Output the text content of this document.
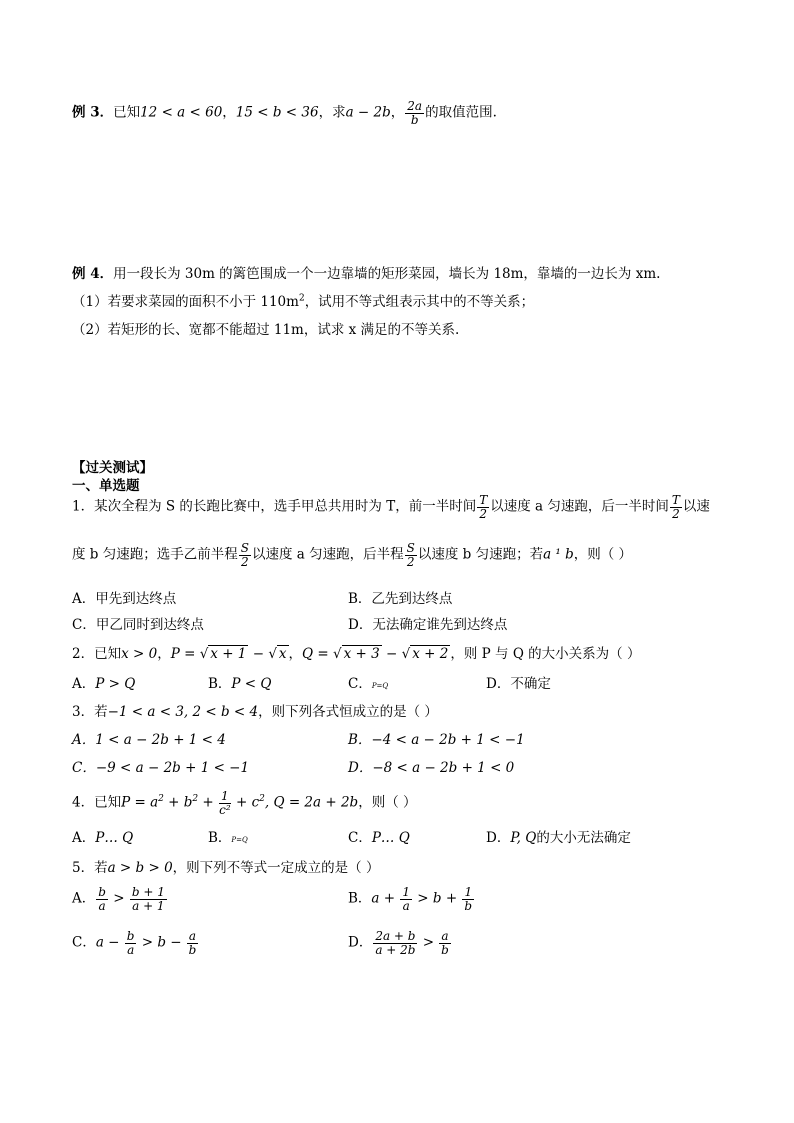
例 3．已知12 < a < 60，15 < b < 36，求a − 2b， $\frac{2a}{b}$ 的取值范围.
例 4．用一段长为 30m 的篱笆围成一个一边靠墙的矩形菜园，墙长为 18m，靠墙的一边长为 xm.
（1）若要求菜园的面积不小于 $110m^2$，试用不等式组表示其中的不等关系；
（2）若矩形的长、宽都不能超过 11m，试求 x 满足的不等关系.
【过关测试】
一、单选题
1．某次全程为 S 的长跑比赛中，选手甲总共用时为 T，前一半时间 $\frac{T}{2}$ 以速度 a 匀速跑，后一半时间 $\frac{T}{2}$ 以速
度 b 匀速跑；选手乙前半程 $\frac{S}{2}$ 以速度 a 匀速跑，后半程 $\frac{S}{2}$ 以速度 b 匀速跑；若a ¹ b，则（ ）
A．甲先到达终点	B．乙先到达终点
C．甲乙同时到达终点	D．无法确定谁先到达终点
2．已知x > 0，P = √ x + 1 − √ x ，Q = √ x + 3 − √ x + 2 ，则 P 与 Q 的大小关系为（ ）
A．P > Q	B．P < Q	C．P=Q	D．不确定
3．若−1 < a < 3, 2 < b < 4，则下列各式恒成立的是（ ）
A．1 < a − 2b + 1 < 4	B．−4 < a − 2b + 1 < −1
C．−9 < a − 2b + 1 < −1	D．−8 < a − 2b + 1 < 0
4．已知$P = a^2 + b^2 + \frac{1}{\text{c²}} + c^2$, Q = 2a + 2b，则（ ）
A．P… Q	B．P=Q	C．P… Q	D．P, Q的大小无法确定
5．若a > b > 0，则下列不等式一定成立的是（ ）
A． $\frac{b}{a} > \frac{b + 1}{a + 1}$	B．$a + \frac{1}{a} > b + \frac{1}{b}$
C．$a - \frac{b}{a} > b - \frac{a}{b}$	D． $\frac{2a + b}{a + 2b} > \frac{a}{b}$
